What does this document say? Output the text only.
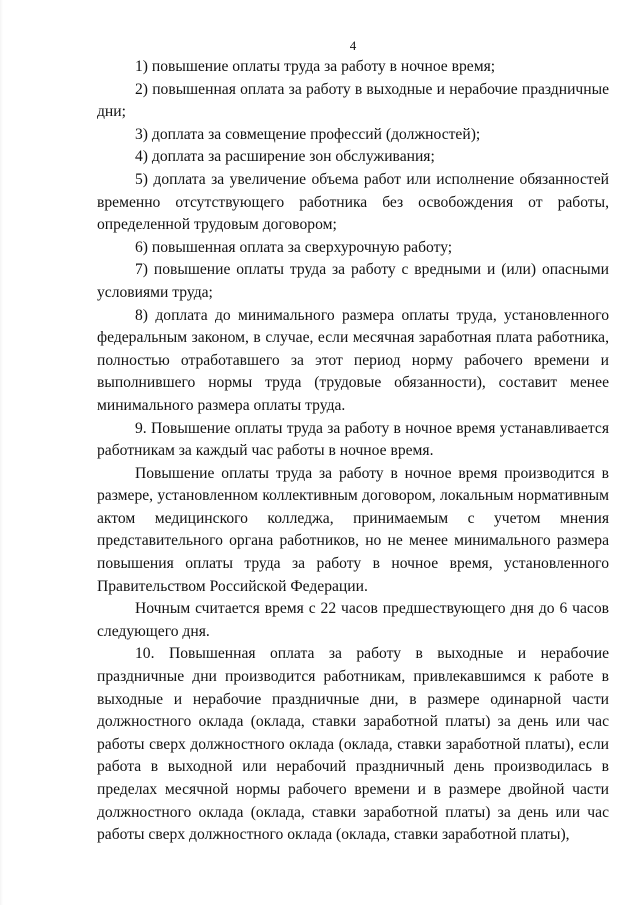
4

1) повышение оплаты труда за работу в ночное время;

2) повышенная оплата за работу в выходные и нерабочие праздничные дни;

3) доплата за совмещение профессий (должностей);

4) доплата за расширение зон обслуживания;

5) доплата за увеличение объема работ или исполнение обязанностей временно отсутствующего работника без освобождения от работы, определенной трудовым договором;

6) повышенная оплата за сверхурочную работу;

7) повышение оплаты труда за работу с вредными и (или) опасными условиями труда;

8) доплата до минимального размера оплаты труда, установленного федеральным законом, в случае, если месячная заработная плата работника, полностью отработавшего за этот период норму рабочего времени и выполнившего нормы труда (трудовые обязанности), составит менее минимального размера оплаты труда.

9. Повышение оплаты труда за работу в ночное время устанавливается работникам за каждый час работы в ночное время.

Повышение оплаты труда за работу в ночное время производится в размере, установленном коллективным договором, локальным нормативным актом медицинского колледжа, принимаемым с учетом мнения представительного органа работников, но не менее минимального размера повышения оплаты труда за работу в ночное время, установленного Правительством Российской Федерации.

Ночным считается время с 22 часов предшествующего дня до 6 часов следующего дня.

10. Повышенная оплата за работу в выходные и нерабочие праздничные дни производится работникам, привлекавшимся к работе в выходные и нерабочие праздничные дни, в размере одинарной части должностного оклада (оклада, ставки заработной платы) за день или час работы сверх должностного оклада (оклада, ставки заработной платы), если работа в выходной или нерабочий праздничный день производилась в пределах месячной нормы рабочего времени и в размере двойной части должностного оклада (оклада, ставки заработной платы) за день или час работы сверх должностного оклада (оклада, ставки заработной платы),
